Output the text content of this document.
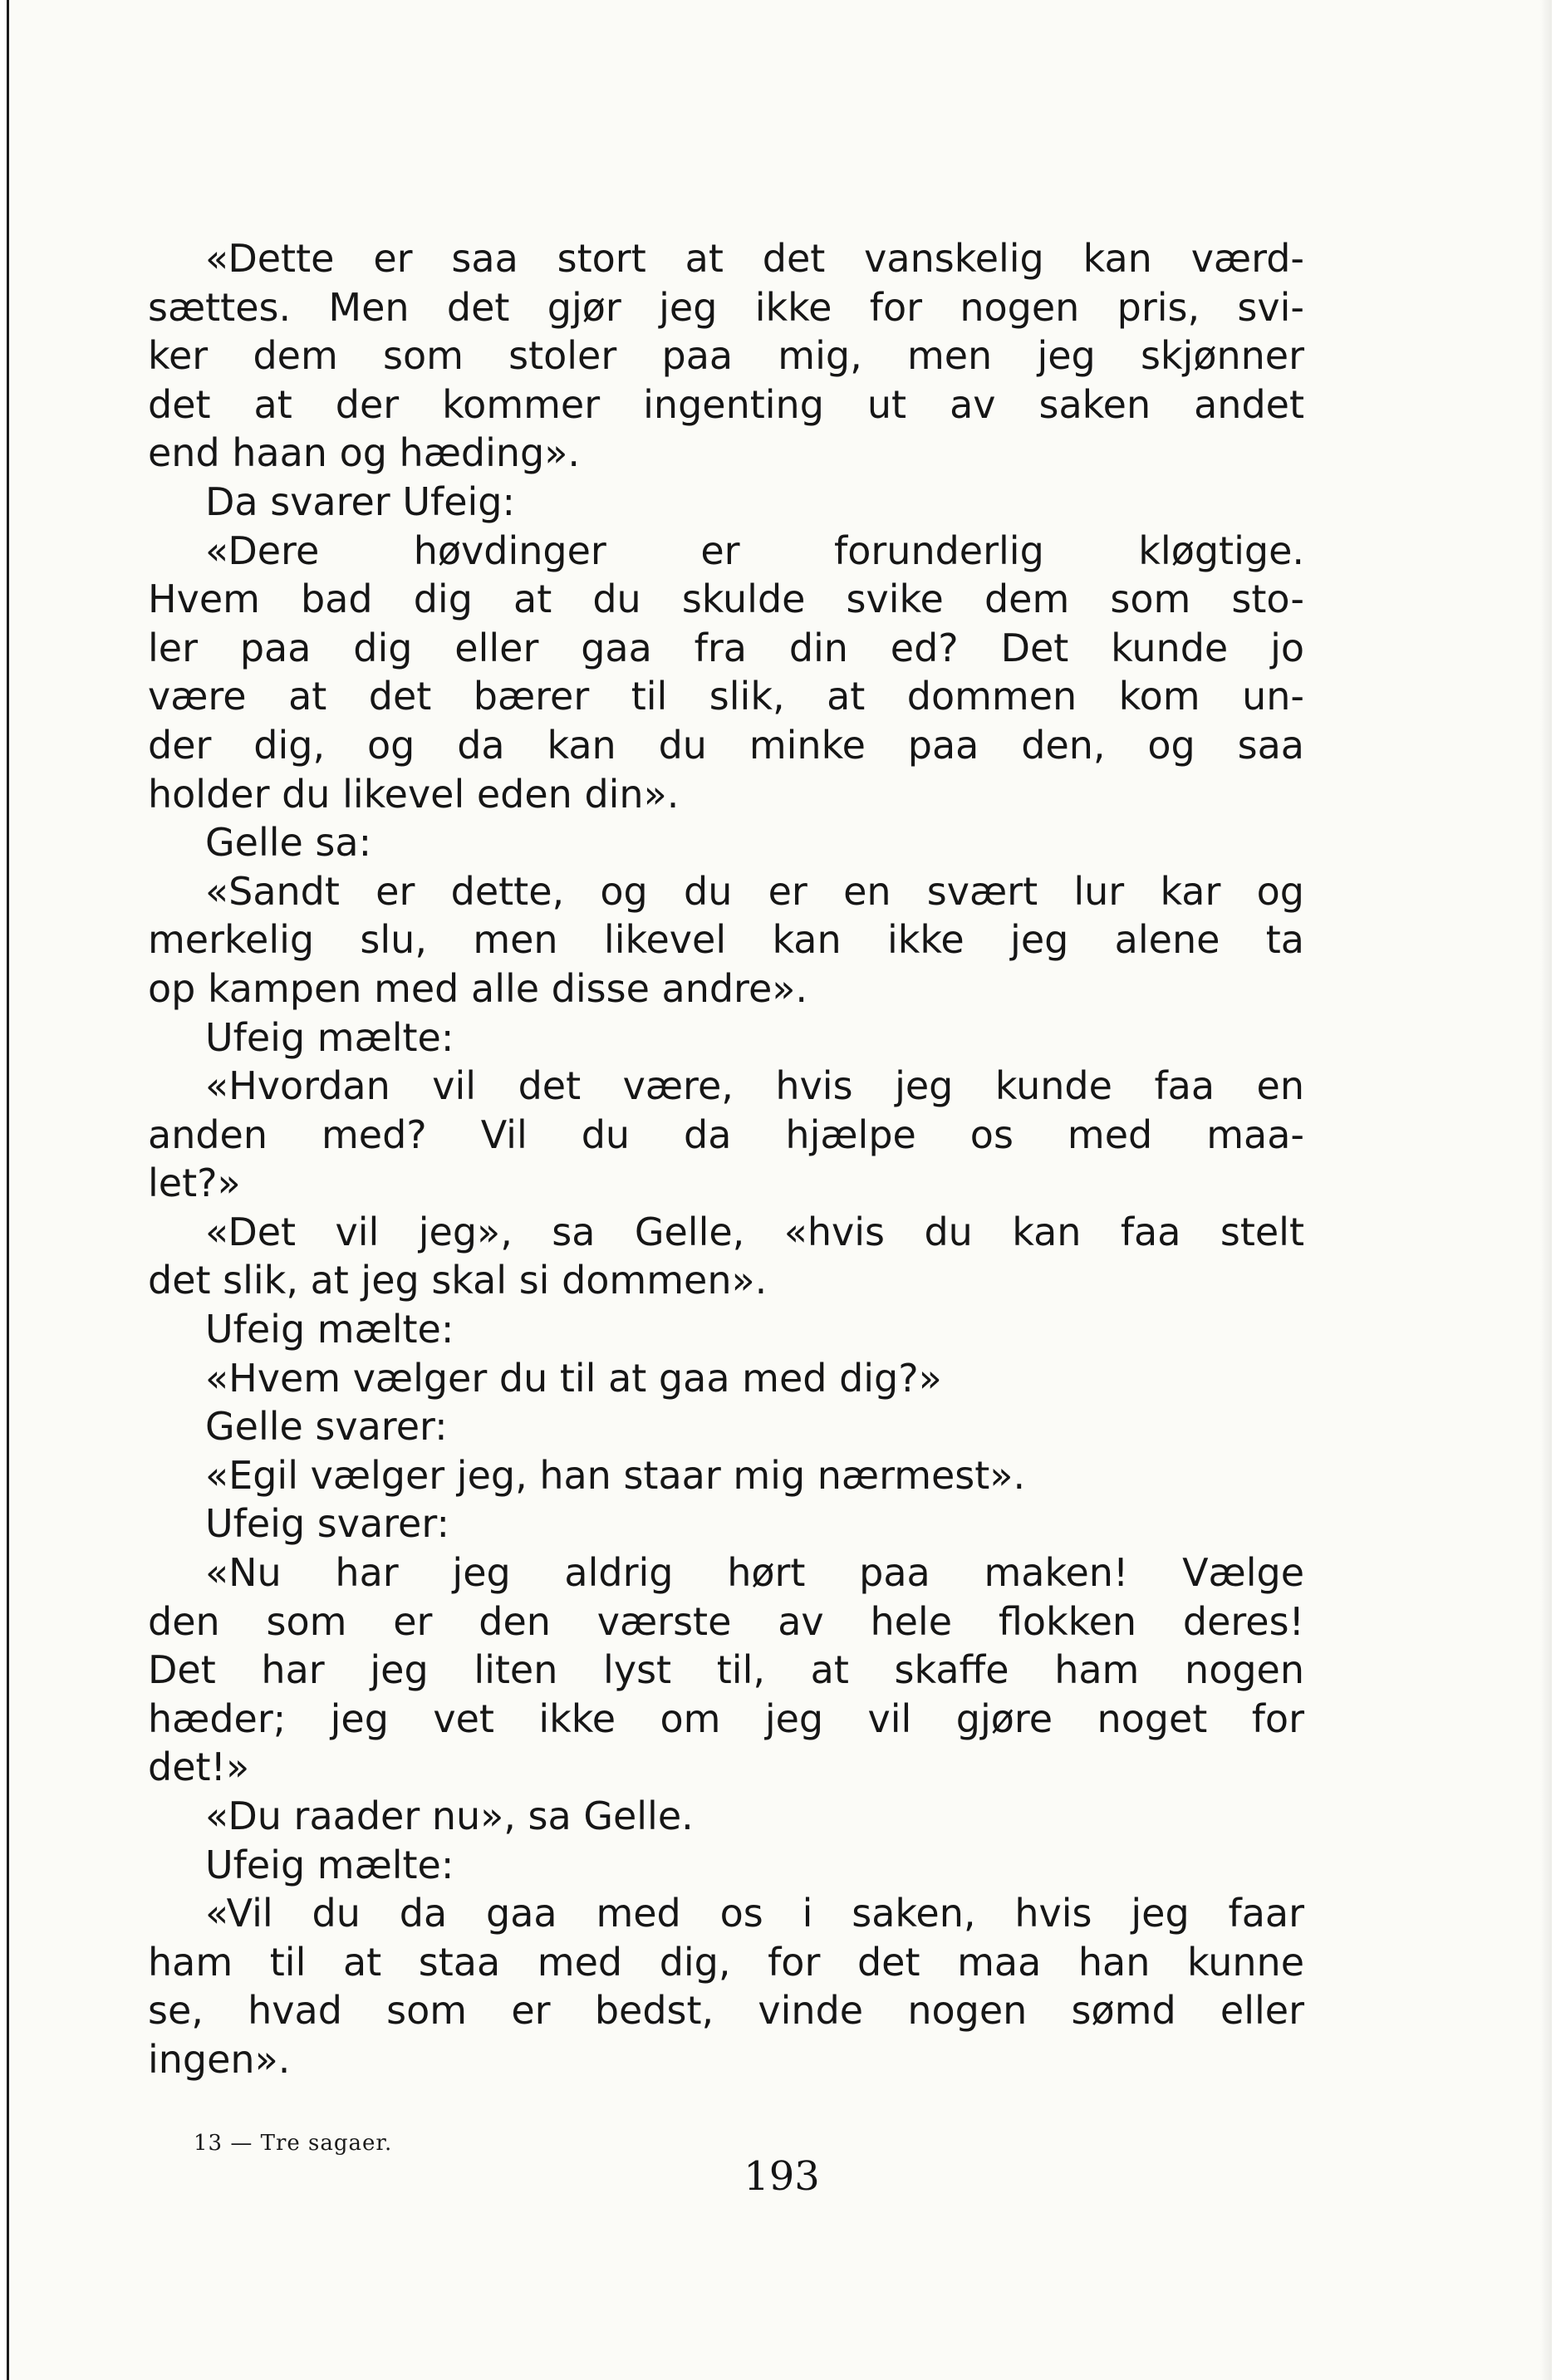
«Dette er saa stort at det vanskelig kan værd-
sættes. Men det gjør jeg ikke for nogen pris, svi-
ker dem som stoler paa mig, men jeg skjønner
det at der kommer ingenting ut av saken andet
end haan og hæding».
Da svarer Ufeig:
«Dere høvdinger er forunderlig kløgtige.
Hvem bad dig at du skulde svike dem som sto-
ler paa dig eller gaa fra din ed? Det kunde jo
være at det bærer til slik, at dommen kom un-
der dig, og da kan du minke paa den, og saa
holder du likevel eden din».
Gelle sa:
«Sandt er dette, og du er en svært lur kar og
merkelig slu, men likevel kan ikke jeg alene ta
op kampen med alle disse andre».
Ufeig mælte:
«Hvordan vil det være, hvis jeg kunde faa en
anden med? Vil du da hjælpe os med maa-
let?»
«Det vil jeg», sa Gelle, «hvis du kan faa stelt
det slik, at jeg skal si dommen».
Ufeig mælte:
«Hvem vælger du til at gaa med dig?»
Gelle svarer:
«Egil vælger jeg, han staar mig nærmest».
Ufeig svarer:
«Nu har jeg aldrig hørt paa maken! Vælge
den som er den værste av hele flokken deres!
Det har jeg liten lyst til, at skaffe ham nogen
hæder; jeg vet ikke om jeg vil gjøre noget for
det!»
«Du raader nu», sa Gelle.
Ufeig mælte:
«Vil du da gaa med os i saken, hvis jeg faar
ham til at staa med dig, for det maa han kunne
se, hvad som er bedst, vinde nogen sømd eller
ingen».
13 — Tre sagaer.
193
